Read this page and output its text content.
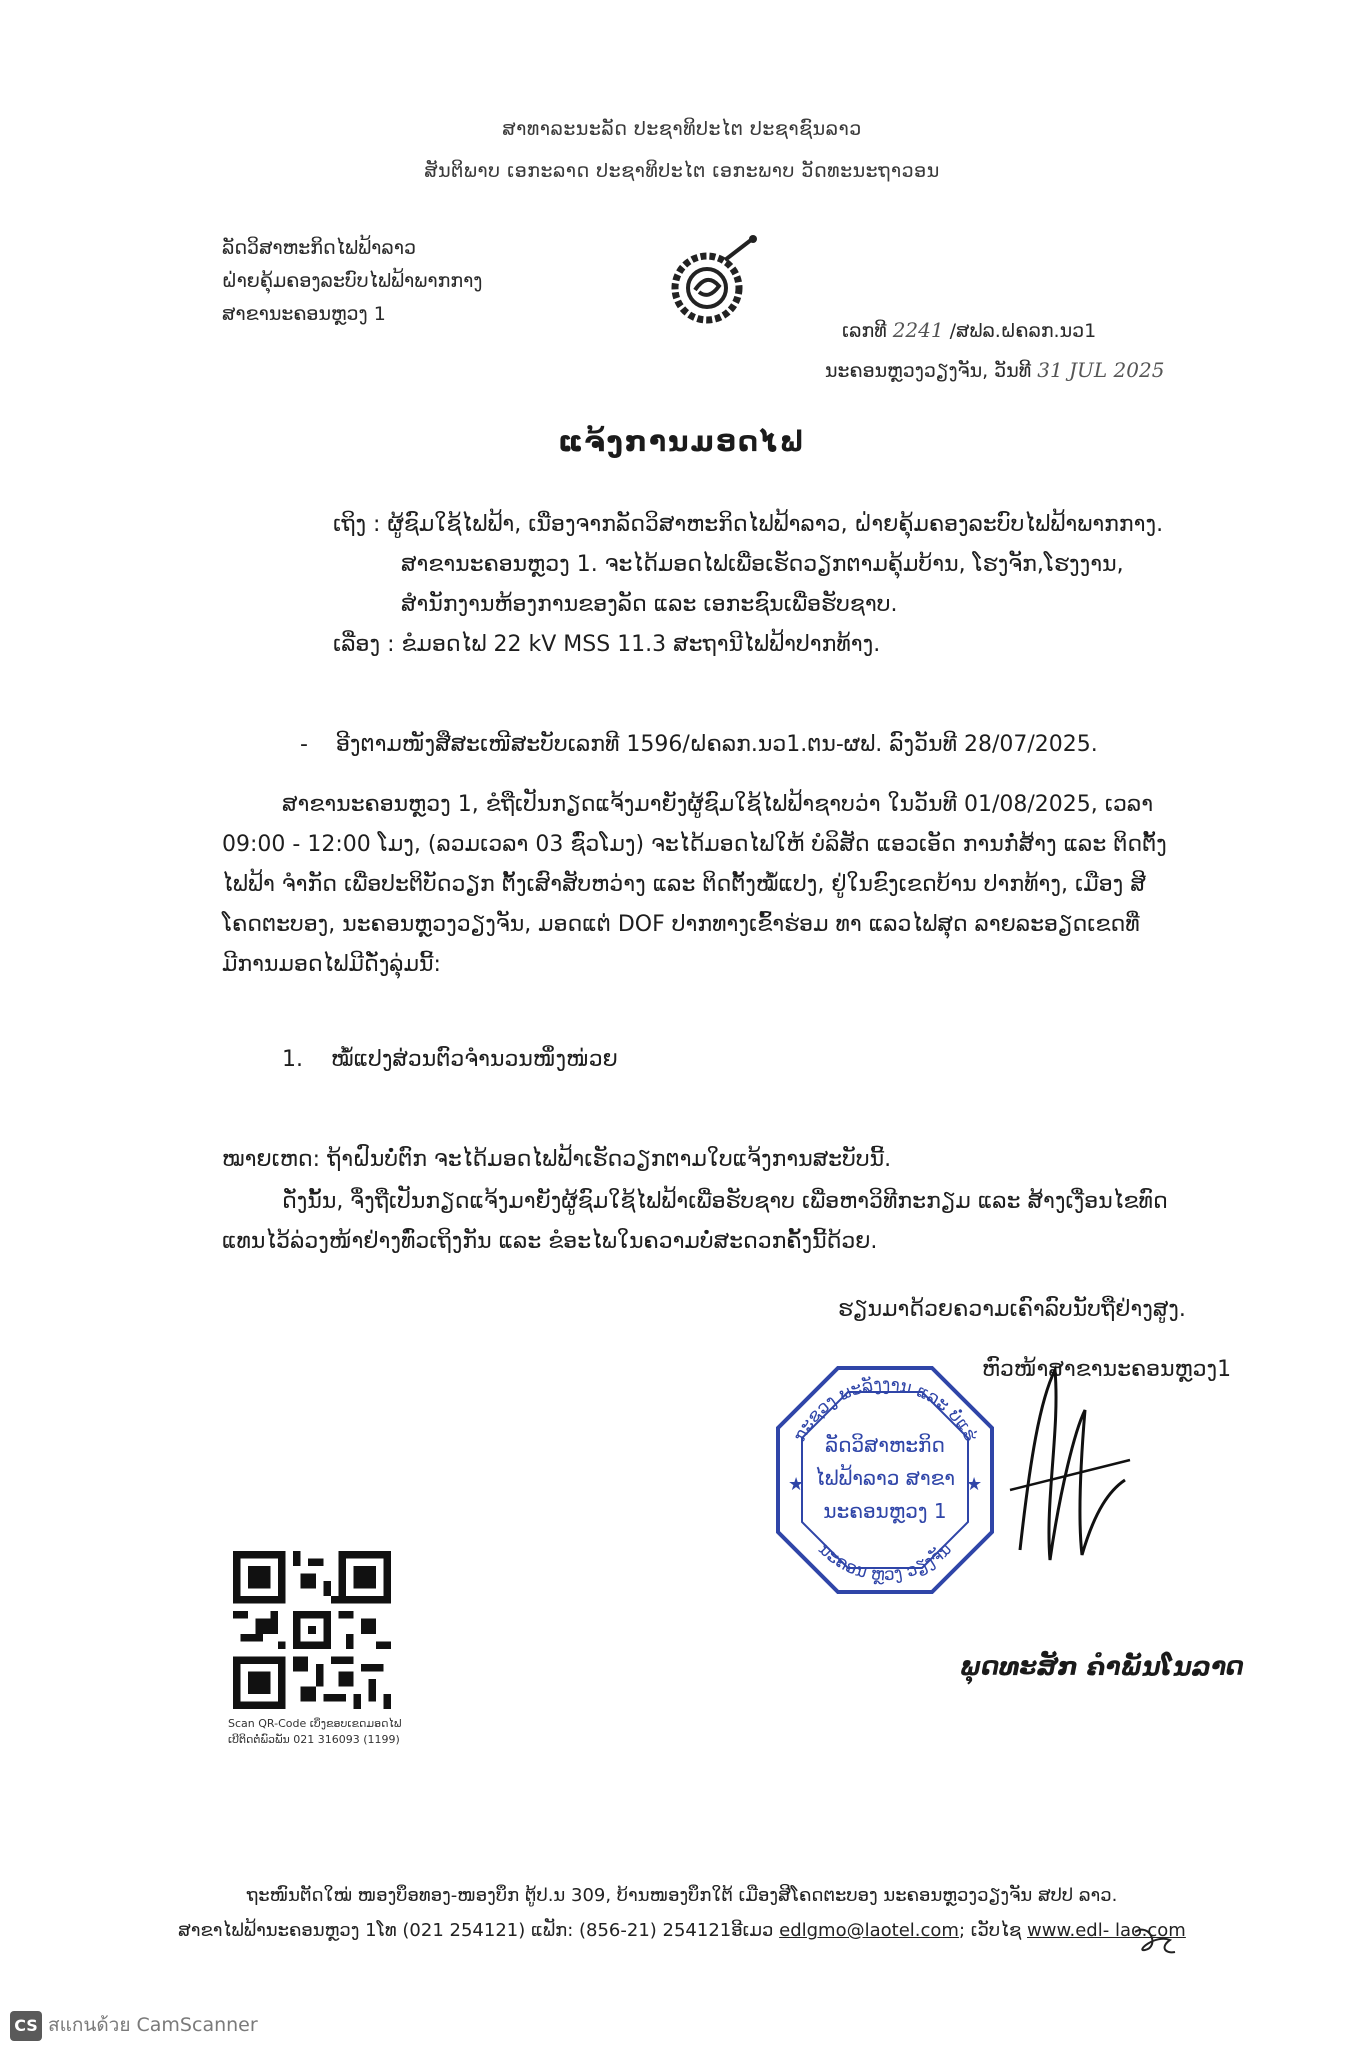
ສາທາລະນະລັດ ປະຊາທິປະໄຕ ປະຊາຊົນລາວ
ສັນຕິພາບ ເອກະລາດ ປະຊາທິປະໄຕ ເອກະພາບ ວັດທະນະຖາວອນ
ລັດວິສາຫະກິດໄຟຟ້າລາວ
ຝ່າຍຄຸ້ມຄອງລະບົບໄຟຟ້າພາກກາງ
ສາຂານະຄອນຫຼວງ 1
ເລກທີ 2241 /ສຟລ.ຝຄລກ.ນວ1
ນະຄອນຫຼວງວຽງຈັນ, ວັນທີ 31 JUL 2025
ແຈ້ງການມອດໄຟ
ເຖິງ : ຜູ້ຊົມໃຊ້ໄຟຟ້າ, ເນື່ອງຈາກລັດວິສາຫະກິດໄຟຟ້າລາວ, ຝ່າຍຄຸ້ມຄອງລະບົບໄຟຟ້າພາກກາງ.
ສາຂານະຄອນຫຼວງ 1. ຈະໄດ້ມອດໄຟເພື່ອເຮັດວຽກຕາມຄຸ້ມບ້ານ, ໂຮງຈັກ,ໂຮງງານ,
ສຳນັກງານຫ້ອງການຂອງລັດ ແລະ ເອກະຊົນເພື່ອຮັບຊາບ.
ເລື່ອງ : ຂໍມອດໄຟ 22 kV MSS 11.3 ສະຖານີໄຟຟ້າປາກທ້າງ.
- ອີງຕາມໜັງສືສະເໜີສະບັບເລກທີ 1596/ຝຄລກ.ນວ1.ຕນ-ຜຟ. ລົງວັນທີ 28/07/2025.
ສາຂານະຄອນຫຼວງ 1, ຂໍຖືເປັນກຽດແຈ້ງມາຍັງຜູ້ຊົມໃຊ້ໄຟຟ້າຊາບວ່າ ໃນວັນທີ 01/08/2025, ເວລາ 09:00 - 12:00 ໂມງ, (ລວມເວລາ 03 ຊົ່ວໂມງ) ຈະໄດ້ມອດໄຟໃຫ້ ບໍລິສັດ ແອວເອັດ ການກໍ່ສ້າງ ແລະ ຕິດຕັ້ງ ໄຟຟ້າ ຈຳກັດ ເພື່ອປະຕິບັດວຽກ ຕັ້ງເສົາສັບຫວ່າງ ແລະ ຕິດຕັ້ງໝໍ້ແປງ, ຢູ່ໃນຂົງເຂດບ້ານ ປາກທ້າງ, ເມືອງ ສີໂຄດຕະບອງ, ນະຄອນຫຼວງວຽງຈັນ, ມອດແຕ່ DOF ປາກທາງເຂົ້າຮ່ອມ ທາ ແລວໄຟສຸດ ລາຍລະອຽດເຂດທີ່ມີການມອດໄຟມີດັ່ງລຸ່ມນີ້:
1. ໝໍ້ແປງສ່ວນຕົວຈຳນວນໜຶ່ງໜ່ວຍ
ໝາຍເຫດ: ຖ້າຝົນບໍ່ຕົກ ຈະໄດ້ມອດໄຟຟ້າເຮັດວຽກຕາມໃບແຈ້ງການສະບັບນີ້.
ດັ່ງນັ້ນ, ຈຶ່ງຖືເປັນກຽດແຈ້ງມາຍັງຜູ້ຊົມໃຊ້ໄຟຟ້າເພື່ອຮັບຊາບ ເພື່ອຫາວິທີກະກຽມ ແລະ ສ້າງເງື່ອນໄຂທົດແທນໄວ້ລ່ວງໜ້າຢ່າງທົ່ວເຖິງກັນ ແລະ ຂໍອະໄພໃນຄວາມບໍ່ສະດວກຄັ້ງນີ້ດ້ວຍ.
ຮຽນມາດ້ວຍຄວາມເຄົາລົບນັບຖືຢ່າງສູງ.
ຫົວໜ້າສາຂານະຄອນຫຼວງ1
ກະຊວງ ພະລັງງານ ແລະ ບໍ່ແຮ່
ນະຄອນ ຫຼວງ ວຽງຈັນ
ລັດວິສາຫະກິດ
ໄຟຟ້າລາວ ສາຂາ
ນະຄອນຫຼວງ 1
★	★
ພຸດທະສັກ ຄຳພັນໂນລາດ
Scan QR-Code ເບິ່ງຂອບເຂດມອດໄຟ
ເບີຕິດຕໍ່ພົວພັນ 021 316093 (1199)
ຖະໜົນຕັດໃໝ່ ໜອງບຶອທອງ-ໜອງບຶກ ຕູ້ປ.ນ 309, ບ້ານໜອງບຶກໃຕ້ ເມືອງສີໂຄດຕະບອງ ນະຄອນຫຼວງວຽງຈັນ ສປປ ລາວ.
ສາຂາໄຟຟ້ານະຄອນຫຼວງ 1ໂທ (021 254121) ແຟັກ: (856-21) 254121ອີເມວ edlgmo@laotel.com; ເວັບໄຊ www.edl- lao.com
CS สแกนด้วย CamScanner
